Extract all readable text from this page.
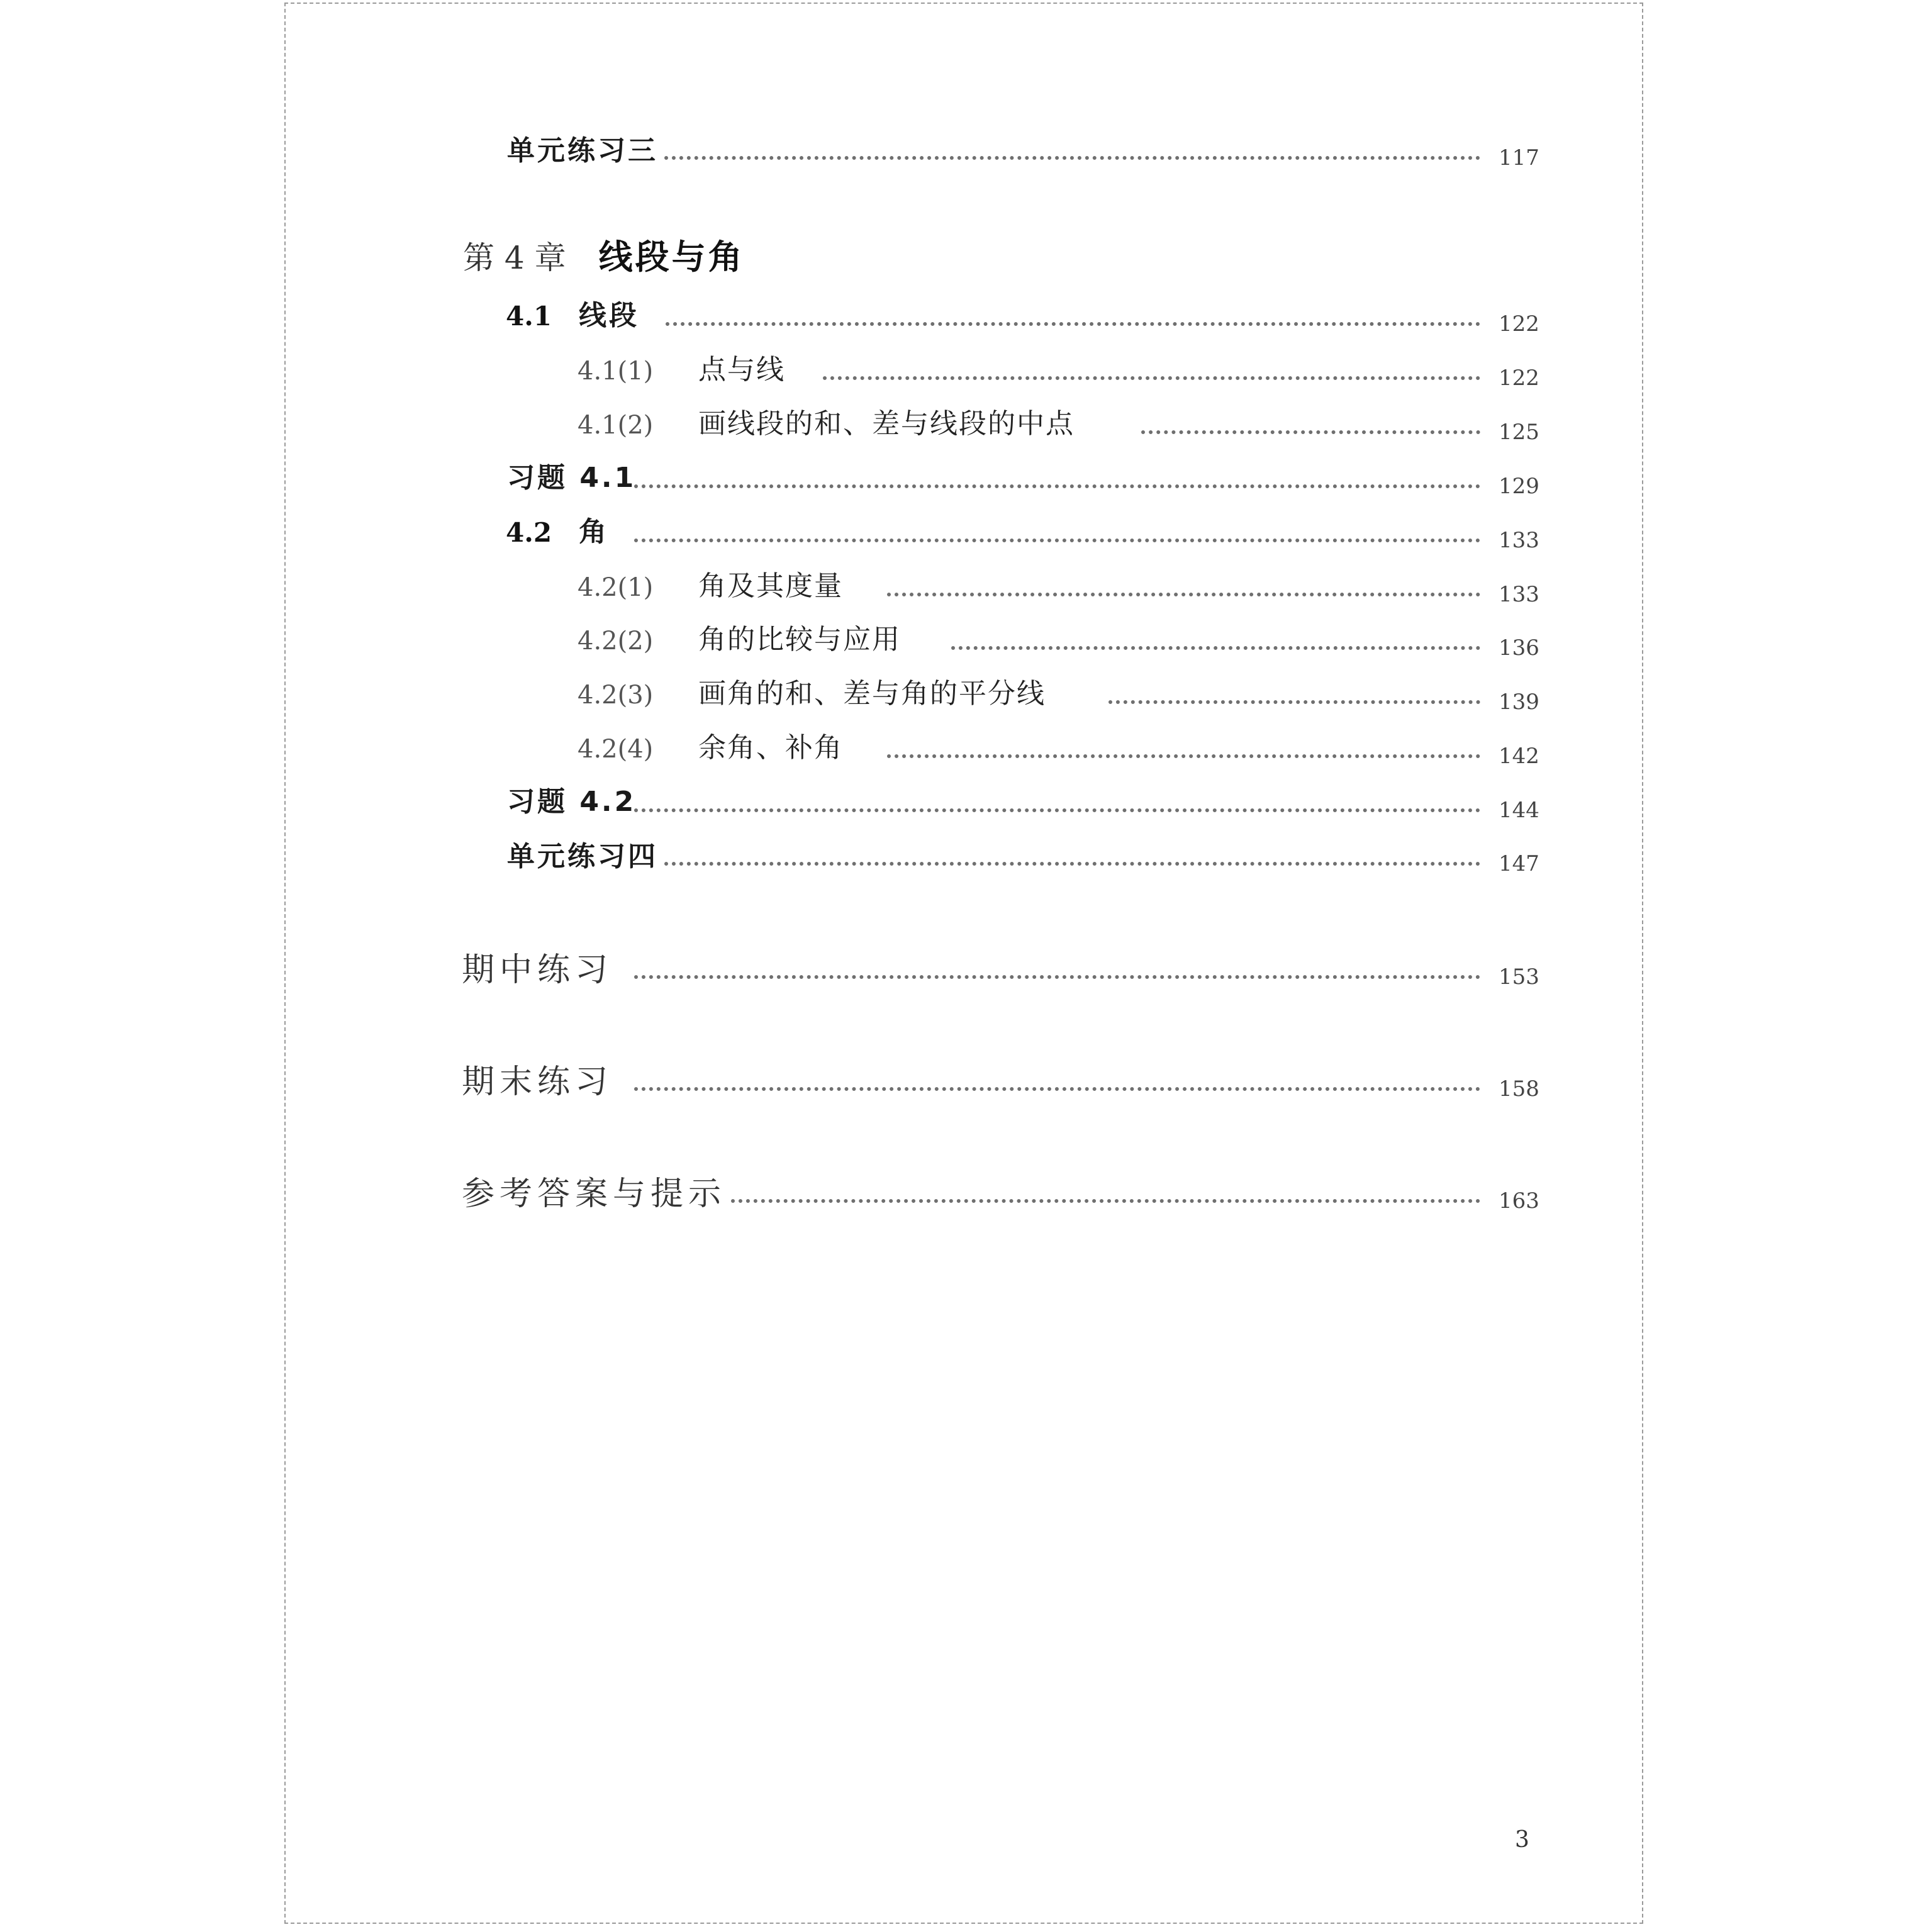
单元练习三	117
第 4 章 线段与角
4.1 线段	122
4.1(1) 点与线	122
4.1(2) 画线段的和、差与线段的中点	125
习题 4.1	129
4.2 角	133
4.2(1) 角及其度量	133
4.2(2) 角的比较与应用	136
4.2(3) 画角的和、差与角的平分线	139
4.2(4) 余角、补角	142
习题 4.2	144
单元练习四	147
期中练习	153
期末练习	158
参考答案与提示	163
3
